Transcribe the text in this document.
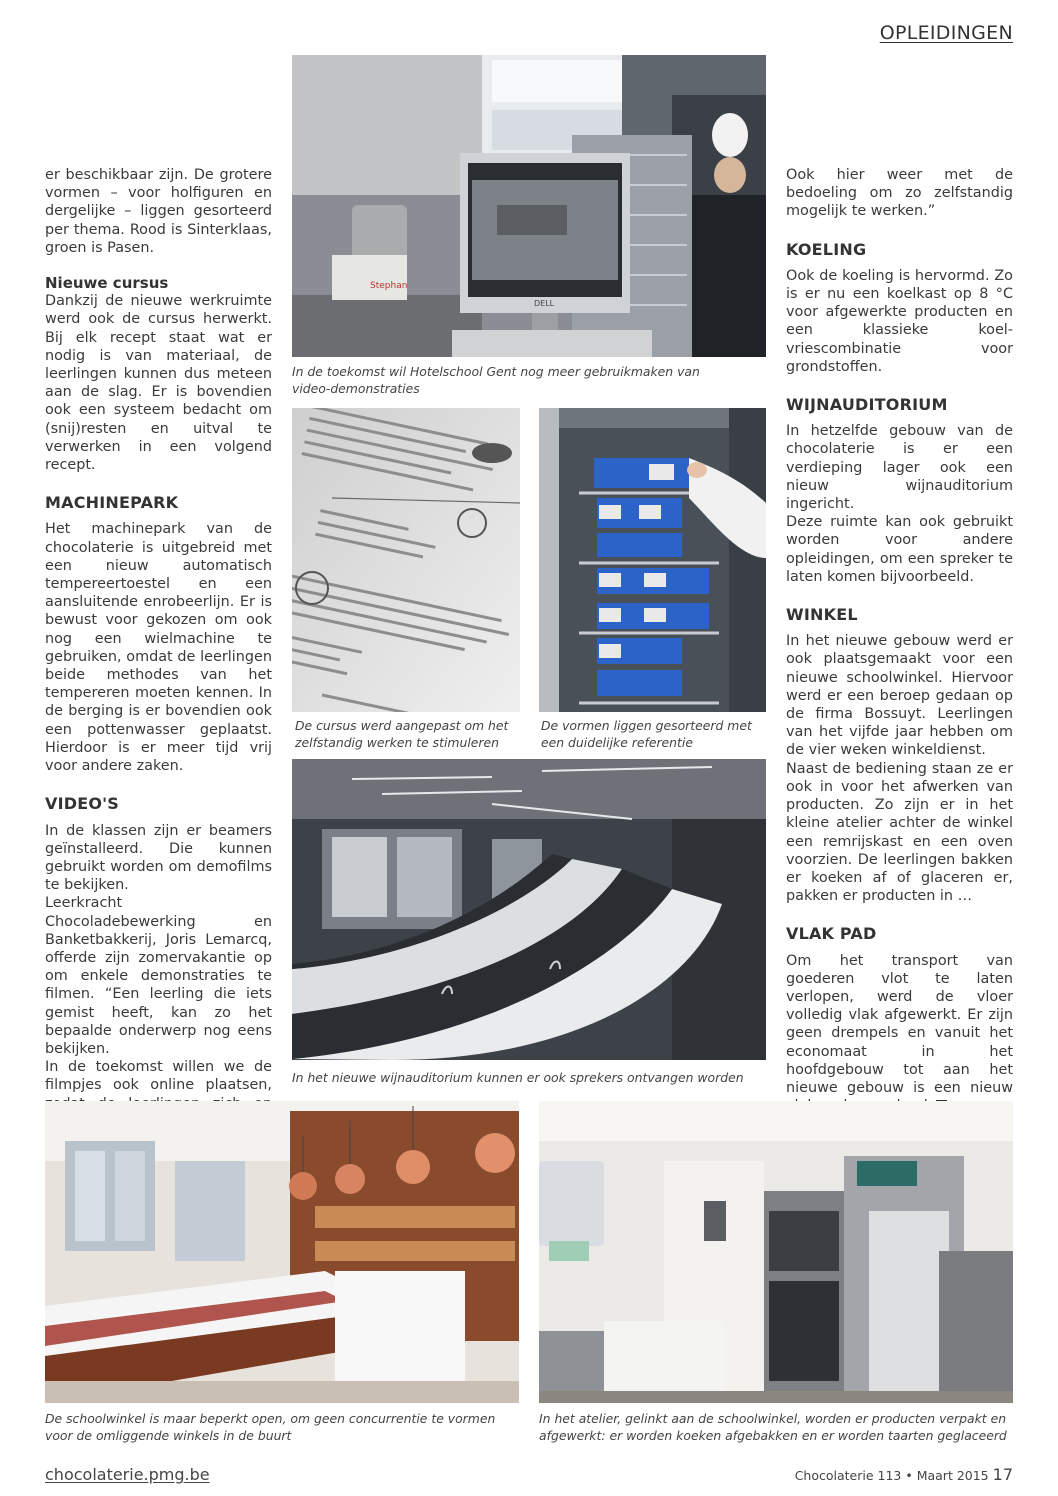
OPLEIDINGEN

er beschikbaar zijn. De grotere vormen – voor holfiguren en dergelijke – liggen gesorteerd per thema. Rood is Sinterklaas, groen is Pasen.

Nieuwe cursus

Dankzij de nieuwe werkruimte werd ook de cursus herwerkt. Bij elk recept staat wat er nodig is van materiaal, de leerlingen kunnen dus meteen aan de slag. Er is bovendien ook een systeem bedacht om (snij)resten en uitval te verwerken in een volgend recept.

MACHINEPARK

Het machinepark van de chocolaterie is uitgebreid met een nieuw automatisch tempereertoestel en een aansluitende enrobeerlijn. Er is bewust voor gekozen om ook nog een wielmachine te gebruiken, omdat de leerlingen beide methodes van het tempereren moeten kennen. In de berging is er bovendien ook een pottenwasser geplaatst. Hierdoor is er meer tijd vrij voor andere zaken.

VIDEO'S

In de klassen zijn er beamers geïnstalleerd. Die kunnen gebruikt worden om demofilms te bekijken.

Leerkracht Chocoladebewerking en Banketbakkerij, Joris Lemarcq, offerde zijn zomervakantie op om enkele demonstraties te filmen. “Een leerling die iets gemist heeft, kan zo het bepaalde onderwerp nog eens bekijken.

In de toekomst willen we de filmpjes ook online plaatsen,

Ook hier weer met de bedoeling om zo zelfstandig mogelijk te werken.”

KOELING

Ook de koeling is hervormd. Zo is er nu een koelkast op 8 °C voor afgewerkte producten en een klassieke koel-vriescombinatie voor grondstoffen.

WIJNAUDITORIUM

In hetzelfde gebouw van de chocolaterie is er een verdieping lager ook een nieuw wijnauditorium ingericht.

Deze ruimte kan ook gebruikt worden voor andere opleidingen, om een spreker te laten komen bijvoorbeeld.

WINKEL

In het nieuwe gebouw werd er ook plaatsgemaakt voor een nieuwe schoolwinkel. Hiervoor werd er een beroep gedaan op de firma Bossuyt. Leerlingen van het vijfde jaar hebben om de vier weken winkeldienst.

Naast de bediening staan ze er ook in voor het afwerken van producten. Zo zijn er in het kleine atelier achter de winkel een remrijskast en een oven voorzien. De leerlingen bakken er koeken af of glaceren er, pakken er producten in …

VLAK PAD

Om het transport van goederen vlot te laten verlopen, werd de vloer volledig vlak afgewerkt. Er zijn geen drempels en vanuit het economaat in het hoofdgebouw tot aan het nieuwe gebouw is een nieuw

Stephan
DELL
In de toekomst wil Hotelschool Gent nog meer gebruikmaken van video-demonstraties
De cursus werd aangepast om het zelfstandig werken te stimuleren
De vormen liggen gesorteerd met een duidelijke referentie
In het nieuwe wijnauditorium kunnen er ook sprekers ontvangen worden
De schoolwinkel is maar beperkt open, om geen concurrentie te vormen voor de omliggende winkels in de buurt
In het atelier, gelinkt aan de schoolwinkel, worden er producten verpakt en afgewerkt: er worden koeken afgebakken en er worden taarten geglaceerd
chocolaterie.pmg.be	Chocolaterie 113 • Maart 2015 17
